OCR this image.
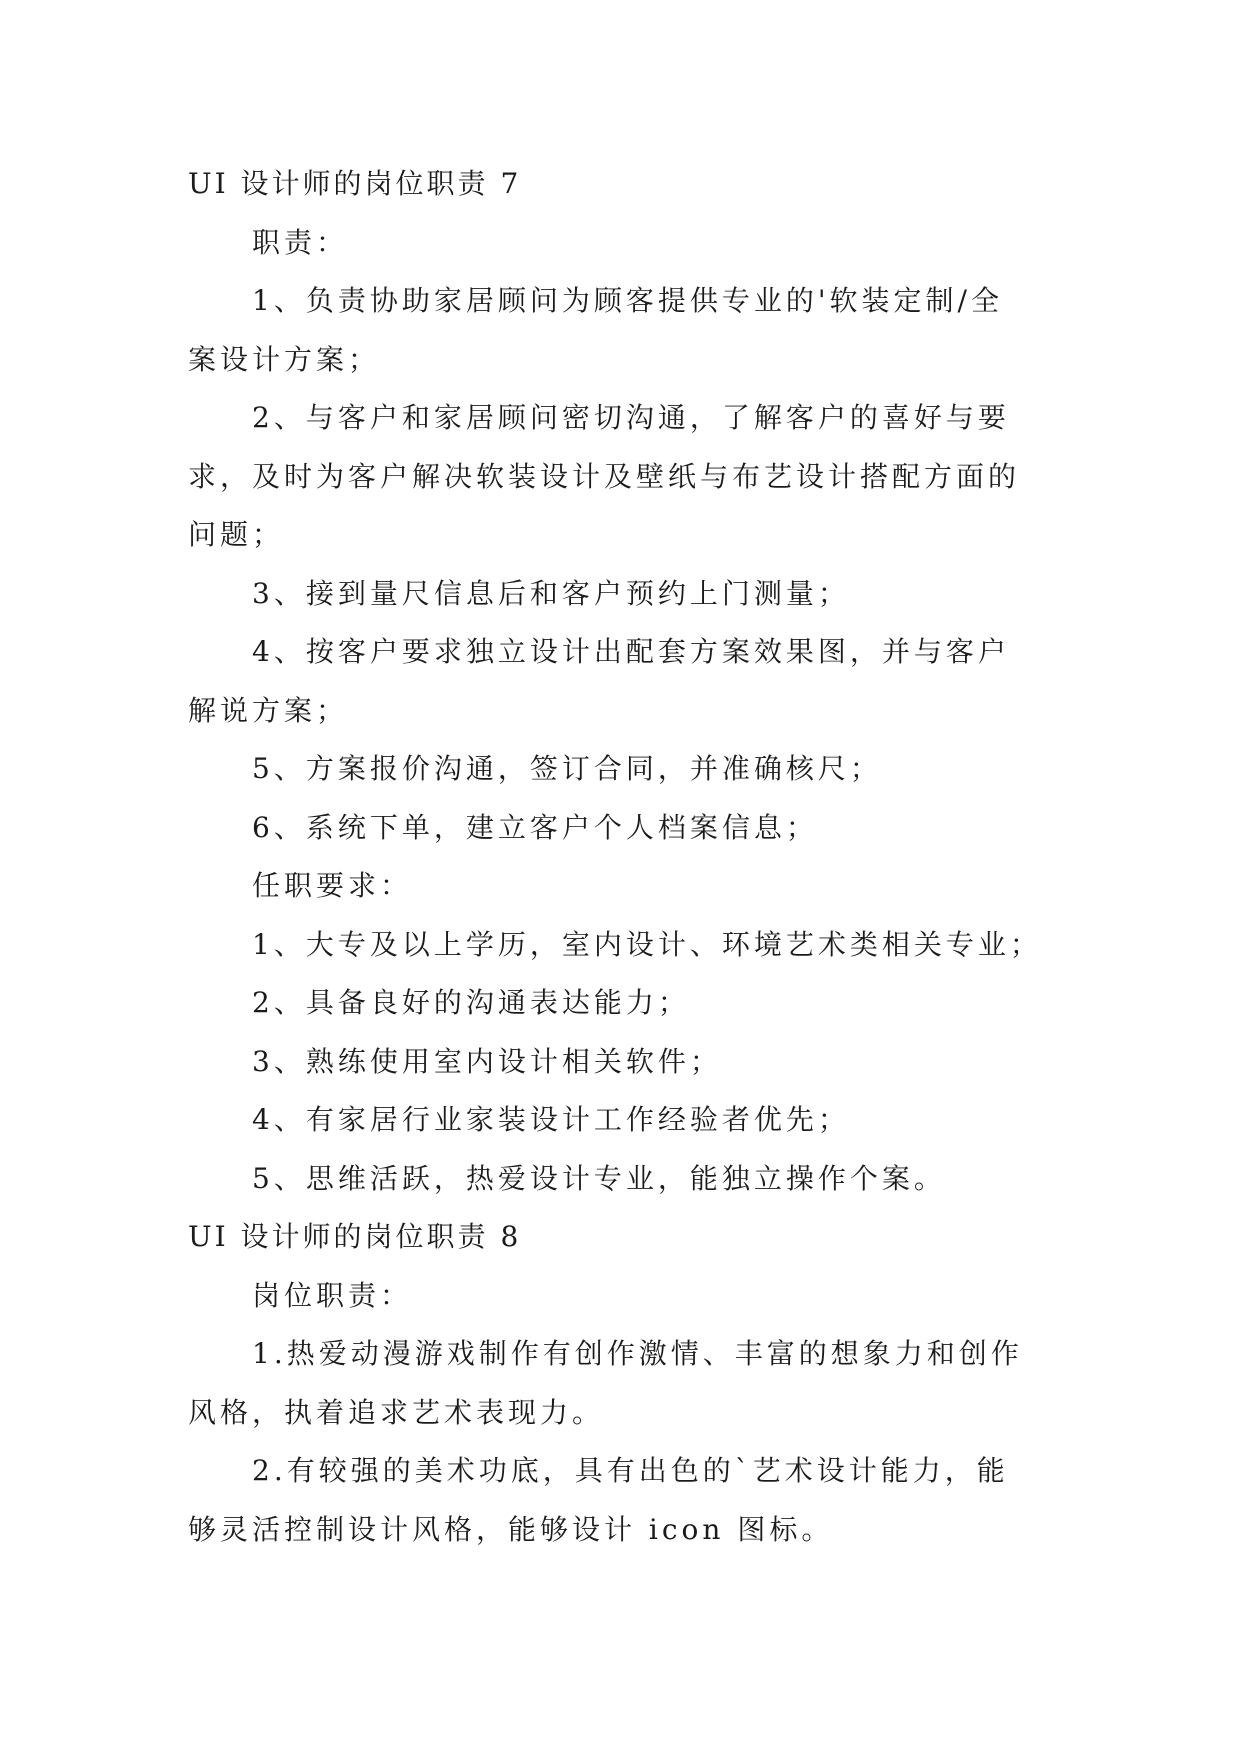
UI 设计师的岗位职责 7
职责：
1、负责协助家居顾问为顾客提供专业的'软装定制/全
案设计方案；
2、与客户和家居顾问密切沟通，了解客户的喜好与要
求，及时为客户解决软装设计及壁纸与布艺设计搭配方面的
问题；
3、接到量尺信息后和客户预约上门测量；
4、按客户要求独立设计出配套方案效果图，并与客户
解说方案；
5、方案报价沟通，签订合同，并准确核尺；
6、系统下单，建立客户个人档案信息；
任职要求：
1、大专及以上学历，室内设计、环境艺术类相关专业；
2、具备良好的沟通表达能力；
3、熟练使用室内设计相关软件；
4、有家居行业家装设计工作经验者优先；
5、思维活跃，热爱设计专业，能独立操作个案。
UI 设计师的岗位职责 8
岗位职责：
1.热爱动漫游戏制作有创作激情、丰富的想象力和创作
风格，执着追求艺术表现力。
2.有较强的美术功底，具有出色的`艺术设计能力，能
够灵活控制设计风格，能够设计 icon 图标。
